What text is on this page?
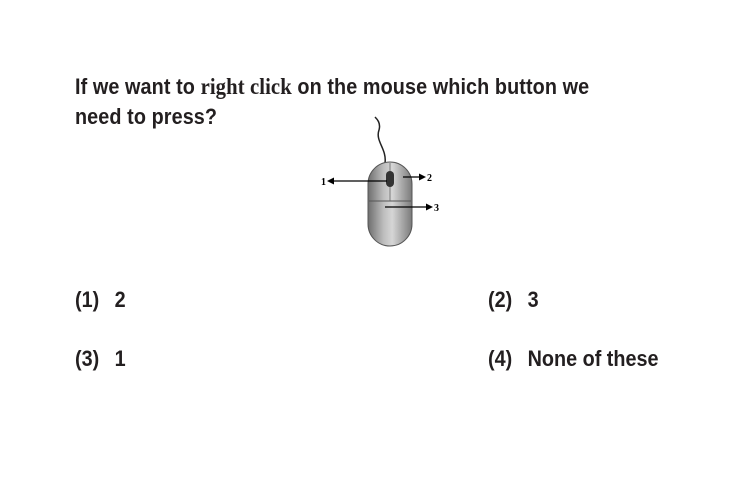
If we want to right click on the mouse which button we need to press?
1	2
3
(1) 2	(2) 3
(3) 1	(4) None of these
